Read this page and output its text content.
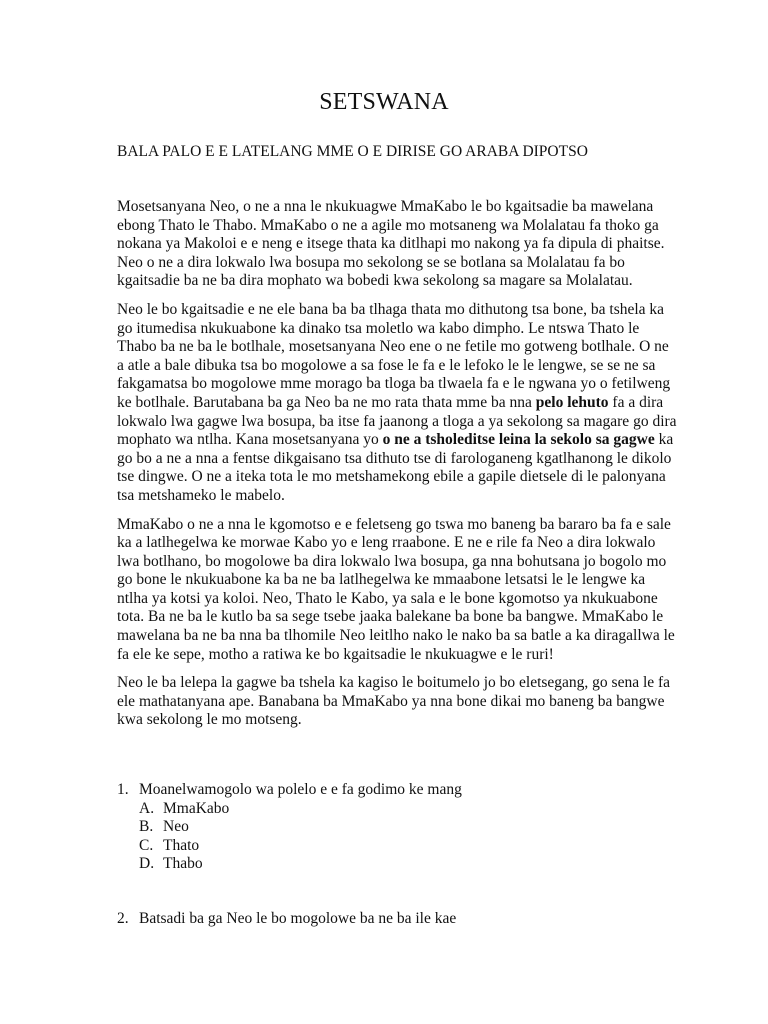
SETSWANA

BALA PALO E E LATELANG MME O E DIRISE GO ARABA DIPOTSO

Mosetsanyana Neo, o ne a nna le nkukuagwe MmaKabo le bo kgaitsadie ba mawelana ebong Thato le Thabo. MmaKabo o ne a agile mo motsaneng wa Molalatau fa thoko ga nokana ya Makoloi e e neng e itsege thata ka ditlhapi mo nakong ya fa dipula di phaitse. Neo o ne a dira lokwalo lwa bosupa mo sekolong se se botlana sa Molalatau fa bo kgaitsadie ba ne ba dira mophato wa bobedi kwa sekolong sa magare sa Molalatau.

Neo le bo kgaitsadie e ne ele bana ba ba tlhaga thata mo dithutong tsa bone, ba tshela ka go itumedisa nkukuabone ka dinako tsa moletlo wa kabo dimpho. Le ntswa Thato le Thabo ba ne ba le botlhale, mosetsanyana Neo ene o ne fetile mo gotweng botlhale. O ne a atle a bale dibuka tsa bo mogolowe a sa fose le fa e le lefoko le le lengwe, se se ne sa fakgamatsa bo mogolowe mme morago ba tloga ba tlwaela fa e le ngwana yo o fetilweng ke botlhale. Barutabana ba ga Neo ba ne mo rata thata mme ba nna pelo lehuto fa a dira lokwalo lwa gagwe lwa bosupa, ba itse fa jaanong a tloga a ya sekolong sa magare go dira mophato wa ntlha. Kana mosetsanyana yo o ne a tsholeditse leina la sekolo sa gagwe ka go bo a ne a nna a fentse dikgaisano tsa dithuto tse di farologaneng kgatlhanong le dikolo tse dingwe. O ne a iteka tota le mo metshamekong ebile a gapile dietsele di le palonyana tsa metshameko le mabelo.

MmaKabo o ne a nna le kgomotso e e feletseng go tswa mo baneng ba bararo ba fa e sale ka a latlhegelwa ke morwae Kabo yo e leng rraabone. E ne e rile fa Neo a dira lokwalo lwa botlhano, bo mogolowe ba dira lokwalo lwa bosupa, ga nna bohutsana jo bogolo mo go bone le nkukuabone ka ba ne ba latlhegelwa ke mmaabone letsatsi le le lengwe ka ntlha ya kotsi ya koloi. Neo, Thato le Kabo, ya sala e le bone kgomotso ya nkukuabone tota. Ba ne ba le kutlo ba sa sege tsebe jaaka balekane ba bone ba bangwe. MmaKabo le mawelana ba ne ba nna ba tlhomile Neo leitlho nako le nako ba sa batle a ka diragallwa le fa ele ke sepe, motho a ratiwa ke bo kgaitsadie le nkukuagwe e le ruri!

Neo le ba lelepa la gagwe ba tshela ka kagiso le boitumelo jo bo eletsegang, go sena le fa ele mathatanyana ape. Banabana ba MmaKabo ya nna bone dikai mo baneng ba bangwe kwa sekolong le mo motseng.

1. Moanelwamogolo wa polelo e e fa godimo ke mang
A. MmaKabo
B. Neo
C. Thato
D. Thabo
2. Batsadi ba ga Neo le bo mogolowe ba ne ba ile kae
